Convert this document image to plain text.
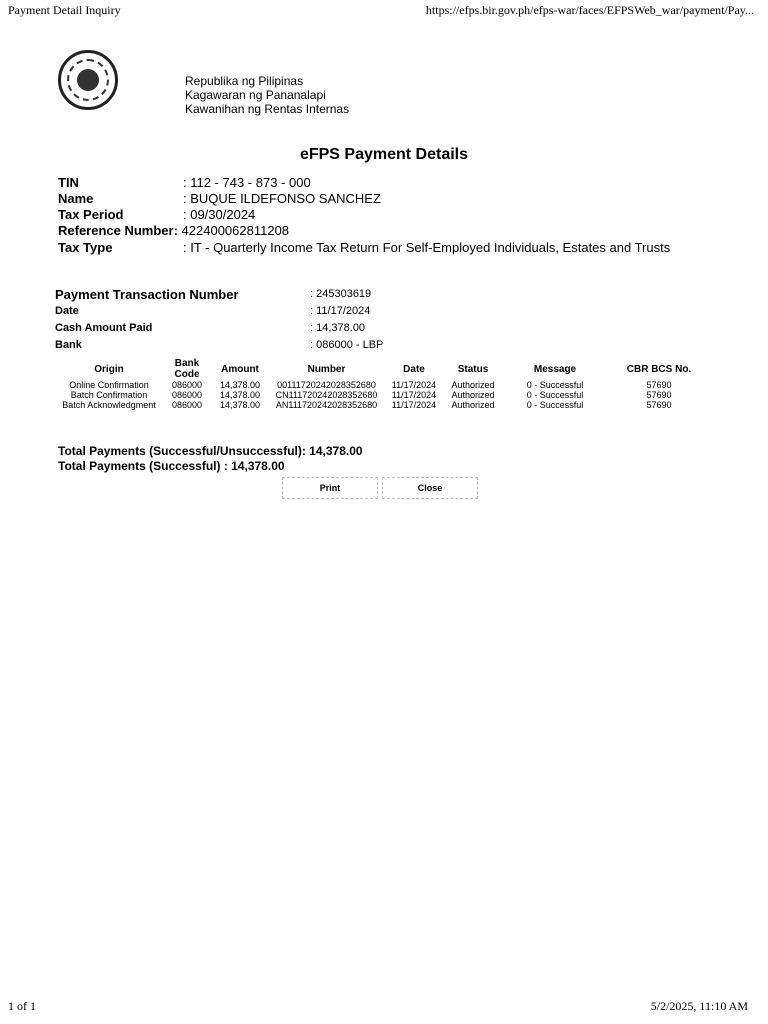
Payment Detail Inquiry	https://efps.bir.gov.ph/efps-war/faces/EFPSWeb_war/payment/Pay...
Republika ng Pilipinas
Kagawaran ng Pananalapi
Kawanihan ng Rentas Internas
eFPS Payment Details
TIN	: 112 - 743 - 873 - 000
Name	: BUQUE ILDEFONSO SANCHEZ
Tax Period	: 09/30/2024
Reference Number: 422400062811208
Tax Type	: IT - Quarterly Income Tax Return For Self-Employed Individuals, Estates and Trusts
Payment Transaction Number	: 245303619
Date	: 11/17/2024
Cash Amount Paid	: 14,378.00
Bank	: 086000 - LBP
Origin	Bank Code	Amount	Number	Date	Status	Message	CBR BCS No.
Online Confirmation	086000	14,378.00	00111720242028352680	11/17/2024	Authorized	0 - Successful	57690
Batch Confirmation	086000	14,378.00	CN111720242028352680	11/17/2024	Authorized	0 - Successful	57690
Batch Acknowledgment	086000	14,378.00	AN111720242028352680	11/17/2024	Authorized	0 - Successful	57690
Total Payments (Successful/Unsuccessful): 14,378.00
Total Payments (Successful) : 14,378.00
Print	Close
1 of 1	5/2/2025, 11:10 AM
